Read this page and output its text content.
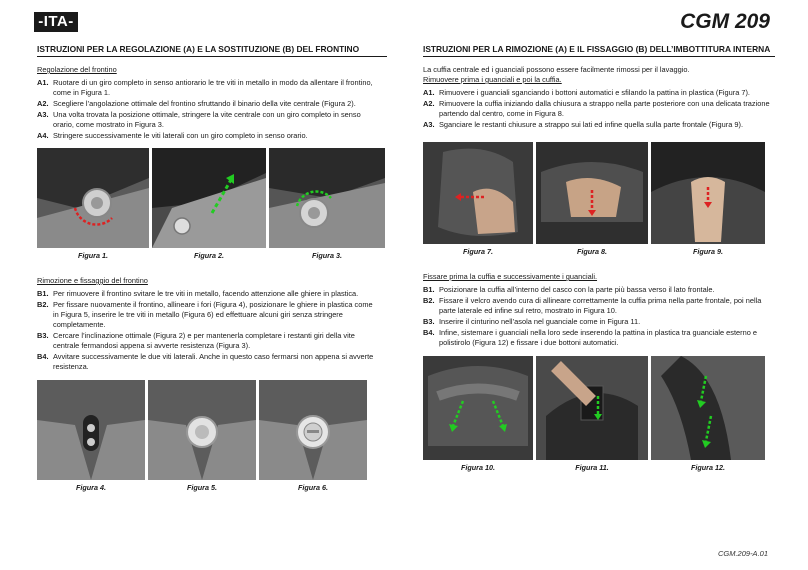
-ITA-	CGM 209
ISTRUZIONI PER LA REGOLAZIONE (A) E LA SOSTITUZIONE (B) DEL FRONTINO
Regolazione del frontino
A1. Ruotare di un giro completo in senso antiorario le tre viti in metallo in modo da allentare il frontino,
come in Figura 1.
A2. Scegliere l’angolazione ottimale del frontino sfruttando il binario della vite centrale (Figura 2).
A3. Una volta trovata la posizione ottimale, stringere la vite centrale con un giro completo in senso
orario, come mostrato in Figura 3.
A4. Stringere successivamente le viti laterali con un giro completo in senso orario.
Figura 1.	Figura 2.	Figura 3.
Rimozione e fissaggio del frontino
B1. Per rimuovere il frontino svitare le tre viti in metallo, facendo attenzione alle ghiere in plastica.
B2. Per fissare nuovamente il frontino, allineare i fori (Figura 4), posizionare le ghiere in plastica come
in Figura 5, inserire le tre viti in metallo (Figura 6) ed effettuare alcuni giri senza stringere
completamente.
B3. Cercare l’inclinazione ottimale (Figura 2) e per mantenerla completare i restanti giri della vite
centrale fermandosi appena si avverte resistenza (Figura 3).
B4. Avvitare successivamente le due viti laterali. Anche in questo caso fermarsi non appena si avverte
resistenza.
Figura 4.	Figura 5.	Figura 6.
ISTRUZIONI PER LA RIMOZIONE (A) E IL FISSAGGIO (B) DELL’IMBOTTITURA INTERNA
La cuffia centrale ed i guanciali possono essere facilmente rimossi per il lavaggio.
Rimuovere prima i guanciali e poi la cuffia.
A1. Rimuovere i guanciali sganciando i bottoni automatici e sfilando la pattina in plastica (Figura 7).
A2. Rimuovere la cuffia iniziando dalla chiusura a strappo nella parte posteriore con una delicata trazione
partendo dal centro, come in Figura 8.
A3. Sganciare le restanti chiusure a strappo sui lati ed infine quella sulla parte frontale (Figura 9).
Figura 7.	Figura 8.	Figura 9.
Fissare prima la cuffia e successivamente i guanciali.
B1. Posizionare la cuffia all’interno del casco con la parte più bassa verso il lato frontale.
B2. Fissare il velcro avendo cura di allineare correttamente la cuffia prima nella parte frontale, poi nella
parte laterale ed infine sul retro, mostrato in Figura 10.
B3. Inserire il cinturino nell’asola nel guanciale come in Figura 11.
B4. Infine, sistemare i guanciali nella loro sede inserendo la pattina in plastica tra guanciale esterno e
polistirolo (Figura 12) e fissare i due bottoni automatici.
Figura 10.	Figura 11.	Figura 12.
CGM.209-A.01
